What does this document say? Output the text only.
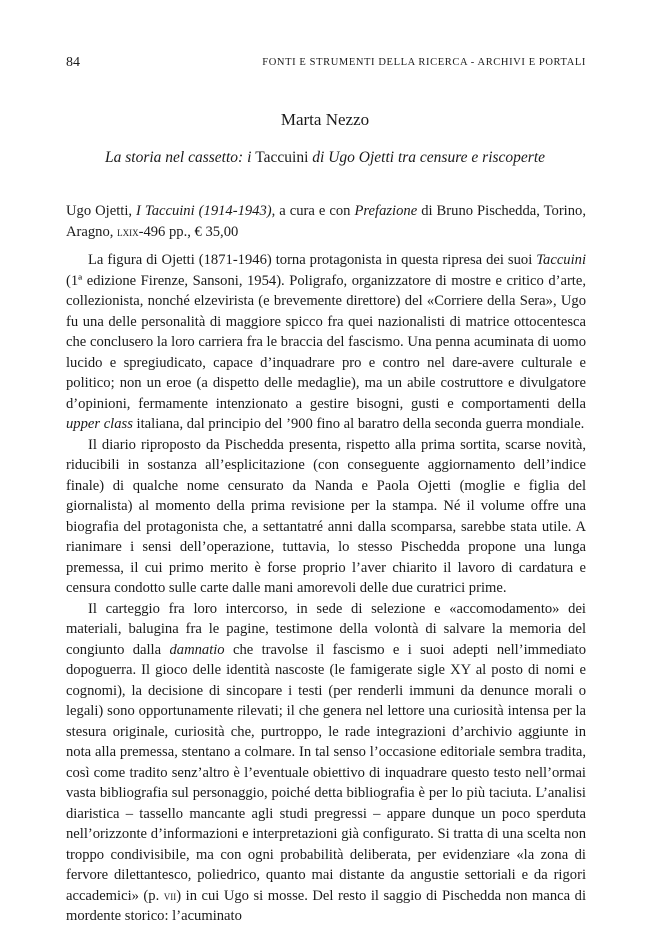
84	FONTI E STRUMENTI DELLA RICERCA - ARCHIVI E PORTALI
Marta Nezzo
La storia nel cassetto: i Taccuini di Ugo Ojetti tra censure e riscoperte

Ugo Ojetti, I Taccuini (1914-1943), a cura e con Prefazione di Bruno Pischedda, Torino, Aragno, lxix-496 pp., € 35,00

La figura di Ojetti (1871-1946) torna protagonista in questa ripresa dei suoi Taccuini (1ª edizione Firenze, Sansoni, 1954). Poligrafo, organizzatore di mostre e critico d’arte, collezionista, nonché elzevirista (e brevemente direttore) del «Corriere della Sera», Ugo fu una delle personalità di maggiore spicco fra quei nazionalisti di matrice ottocentesca che conclusero la loro carriera fra le braccia del fascismo. Una penna acuminata di uomo lucido e spregiudicato, capace d’inquadrare pro e contro nel dare-avere culturale e politico; non un eroe (a dispetto delle medaglie), ma un abile costruttore e divulgatore d’opinioni, fermamente intenzionato a gestire bisogni, gusti e comportamenti della upper class italiana, dal principio del ’900 fino al baratro della seconda guerra mondiale.

Il diario riproposto da Pischedda presenta, rispetto alla prima sortita, scarse novità, riducibili in sostanza all’esplicitazione (con conseguente aggiornamento dell’indice finale) di qualche nome censurato da Nanda e Paola Ojetti (moglie e figlia del giornalista) al momento della prima revisione per la stampa. Né il volume offre una biografia del protagonista che, a settantatré anni dalla scomparsa, sarebbe stata utile. A rianimare i sensi dell’operazione, tuttavia, lo stesso Pischedda propone una lunga premessa, il cui primo merito è forse proprio l’aver chiarito il lavoro di cardatura e censura condotto sulle carte dalle mani amorevoli delle due curatrici prime.

Il carteggio fra loro intercorso, in sede di selezione e «accomodamento» dei materiali, balugina fra le pagine, testimone della volontà di salvare la memoria del congiunto dalla damnatio che travolse il fascismo e i suoi adepti nell’immediato dopoguerra. Il gioco delle identità nascoste (le famigerate sigle XY al posto di nomi e cognomi), la decisione di sincopare i testi (per renderli immuni da denunce morali o legali) sono opportunamente rilevati; il che genera nel lettore una curiosità intensa per la stesura originale, curiosità che, purtroppo, le rade integrazioni d’archivio aggiunte in nota alla premessa, stentano a colmare. In tal senso l’occasione editoriale sembra tradita, così come tradito senz’altro è l’eventuale obiettivo di inquadrare questo testo nell’ormai vasta bibliografia sul personaggio, poiché detta bibliografia è per lo più taciuta. L’analisi diaristica – tassello mancante agli studi pregressi – appare dunque un poco sperduta nell’orizzonte d’informazioni e interpretazioni già configurato. Si tratta di una scelta non troppo condivisibile, ma con ogni probabilità deliberata, per evidenziare «la zona di fervore dilettantesco, poliedrico, quanto mai distante da angustie settoriali e da rigori accademici» (p. vii) in cui Ugo si mosse. Del resto il saggio di Pischedda non manca di mordente storico: l’acuminato
